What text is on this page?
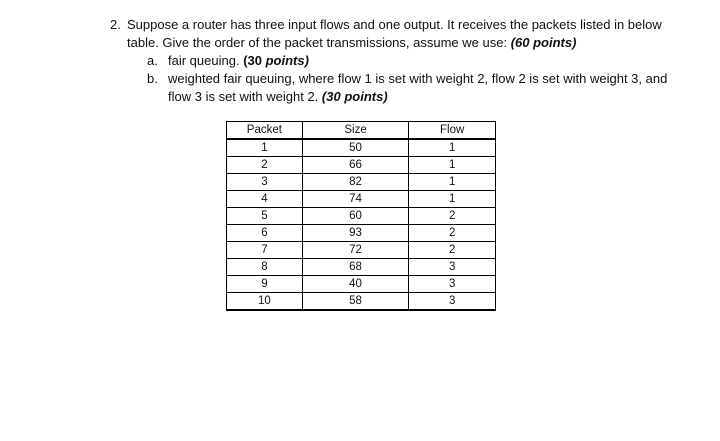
2. Suppose a router has three input flows and one output. It receives the packets listed in below table. Give the order of the packet transmissions, assume we use: (60 points)
a. fair queuing. (30 points)
b. weighted fair queuing, where flow 1 is set with weight 2, flow 2 is set with weight 3, and flow 3 is set with weight 2. (30 points)
Packet	Size	Flow
1	50	1
2	66	1
3	82	1
4	74	1
5	60	2
6	93	2
7	72	2
8	68	3
9	40	3
10	58	3
